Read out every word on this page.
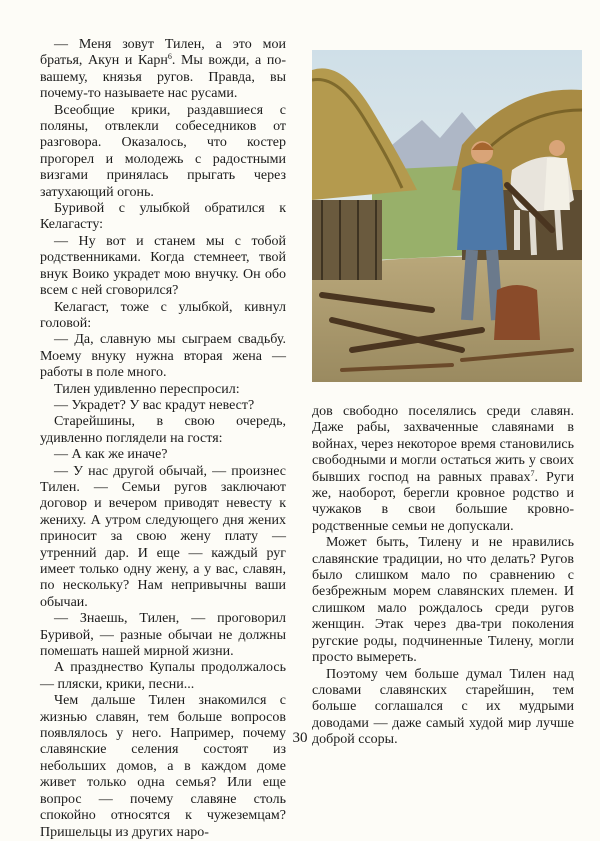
— Меня зовут Тилен, а это мои братья, Акун и Карн$^6$. Мы вожди, а по-вашему, князья ругов. Правда, вы почему-то называете нас русами.

Всеобщие крики, раздавшиеся с поляны, отвлекли собеседников от разговора. Оказалось, что костер прогорел и молодежь с радостными визгами принялась прыгать через затухающий огонь.

Буривой с улыбкой обратился к Келагасту:

— Ну вот и станем мы с тобой родственниками. Когда стемнеет, твой внук Воико украдет мою внучку. Он обо всем с ней сговорился?

Келагаст, тоже с улыбкой, кивнул головой:

— Да, славную мы сыграем свадьбу. Моему внуку нужна вторая жена — работы в поле много.

Тилен удивленно переспросил:

— Украдет? У вас крадут невест?

Старейшины, в свою очередь, удивленно поглядели на гостя:

— А как же иначе?

— У нас другой обычай, — произнес Тилен. — Семьи ругов заключают договор и вечером приводят невесту к жениху. А утром следующего дня жених приносит за свою жену плату — утренний дар. И еще — каждый руг имеет только одну жену, а у вас, славян, по нескольку? Нам непривычны ваши обычаи.

— Знаешь, Тилен, — проговорил Буривой, — разные обычаи не должны помешать нашей мирной жизни.

А празднество Купалы продолжалось — пляски, крики, песни...

Чем дальше Тилен знакомился с жизнью славян, тем больше вопросов появлялось у него. Например, почему славянские селения состоят из небольших домов, а в каждом доме живет только одна семья? Или еще вопрос — почему славяне столь спокойно относятся к чужеземцам? Пришельцы из других наро-

дов свободно поселялись среди славян. Даже рабы, захваченные славянами в войнах, через некоторое время становились свободными и могли остаться жить у своих бывших господ на равных правах$^7$. Руги же, наоборот, берегли кровное родство и чужаков в свои большие кровно-родственные семьи не допускали.

Может быть, Тилену и не нравились славянские традиции, но что делать? Ругов было слишком мало по сравнению с безбрежным морем славянских племен. И слишком мало рождалось среди ругов женщин. Этак через два-три поколения ругские роды, подчиненные Тилену, могли просто вымереть.

Поэтому чем больше думал Тилен над словами славянских старейшин, тем больше соглашался с их мудрыми доводами — даже самый худой мир лучше доброй ссоры.

30
